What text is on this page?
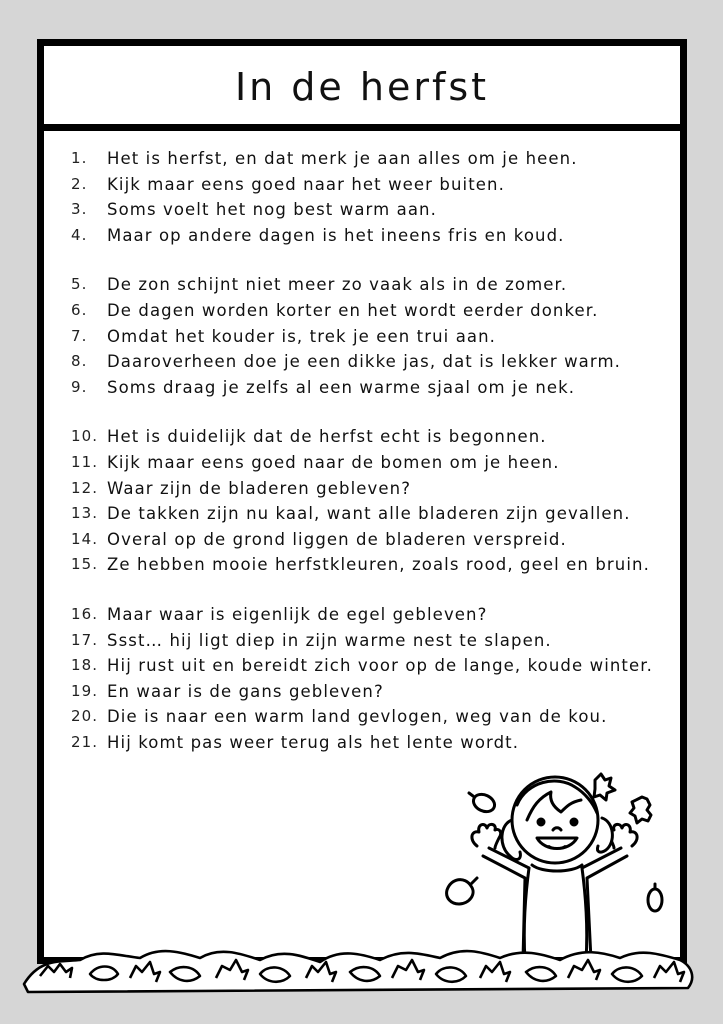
In de herfst
1.	Het is herfst, en dat merk je aan alles om je heen.
2.	Kijk maar eens goed naar het weer buiten.
3.	Soms voelt het nog best warm aan.
4.	Maar op andere dagen is het ineens fris en koud.
5.	De zon schijnt niet meer zo vaak als in de zomer.
6.	De dagen worden korter en het wordt eerder donker.
7.	Omdat het kouder is, trek je een trui aan.
8.	Daaroverheen doe je een dikke jas, dat is lekker warm.
9.	Soms draag je zelfs al een warme sjaal om je nek.
10. Het is duidelijk dat de herfst echt is begonnen.
11. Kijk maar eens goed naar de bomen om je heen.
12. Waar zijn de bladeren gebleven?
13. De takken zijn nu kaal, want alle bladeren zijn gevallen.
14. Overal op de grond liggen de bladeren verspreid.
15. Ze hebben mooie herfstkleuren, zoals rood, geel en bruin.
16. Maar waar is eigenlijk de egel gebleven?
17. Ssst… hij ligt diep in zijn warme nest te slapen.
18. Hij rust uit en bereidt zich voor op de lange, koude winter.
19. En waar is de gans gebleven?
20. Die is naar een warm land gevlogen, weg van de kou.
21. Hij komt pas weer terug als het lente wordt.
